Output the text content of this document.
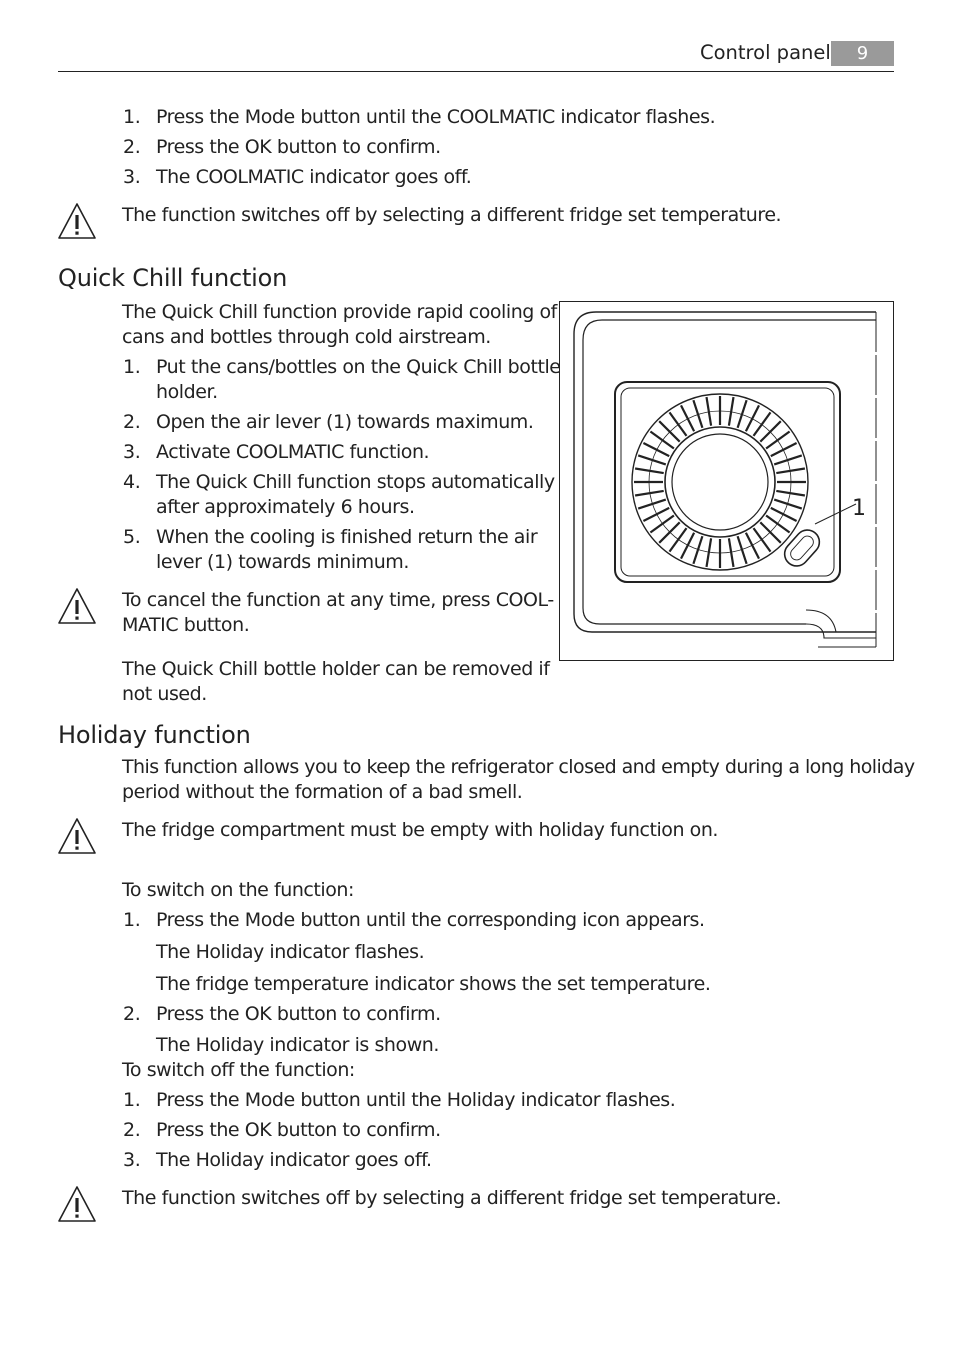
Control panel	9
1. Press the Mode button until the COOLMATIC indicator flashes.
2. Press the OK button to confirm.
3. The COOLMATIC indicator goes off.
The function switches off by selecting a different fridge set temperature.
Quick Chill function
The Quick Chill function provide rapid cooling of
cans and bottles through cold airstream.
1. Put the cans/bottles on the Quick Chill bottle
holder.
2. Open the air lever (1) towards maximum.
3. Activate COOLMATIC function.
4. The Quick Chill function stops automatically
after approximately 6 hours.
5. When the cooling is finished return the air
lever (1) towards minimum.
To cancel the function at any time, press COOL-
MATIC button.
The Quick Chill bottle holder can be removed if
not used.
1
Holiday function
This function allows you to keep the refrigerator closed and empty during a long holiday
period without the formation of a bad smell.
The fridge compartment must be empty with holiday function on.
To switch on the function:
1. Press the Mode button until the corresponding icon appears.
The Holiday indicator flashes.
The fridge temperature indicator shows the set temperature.
2. Press the OK button to confirm.
The Holiday indicator is shown.
To switch off the function:
1. Press the Mode button until the Holiday indicator flashes.
2. Press the OK button to confirm.
3. The Holiday indicator goes off.
The function switches off by selecting a different fridge set temperature.
